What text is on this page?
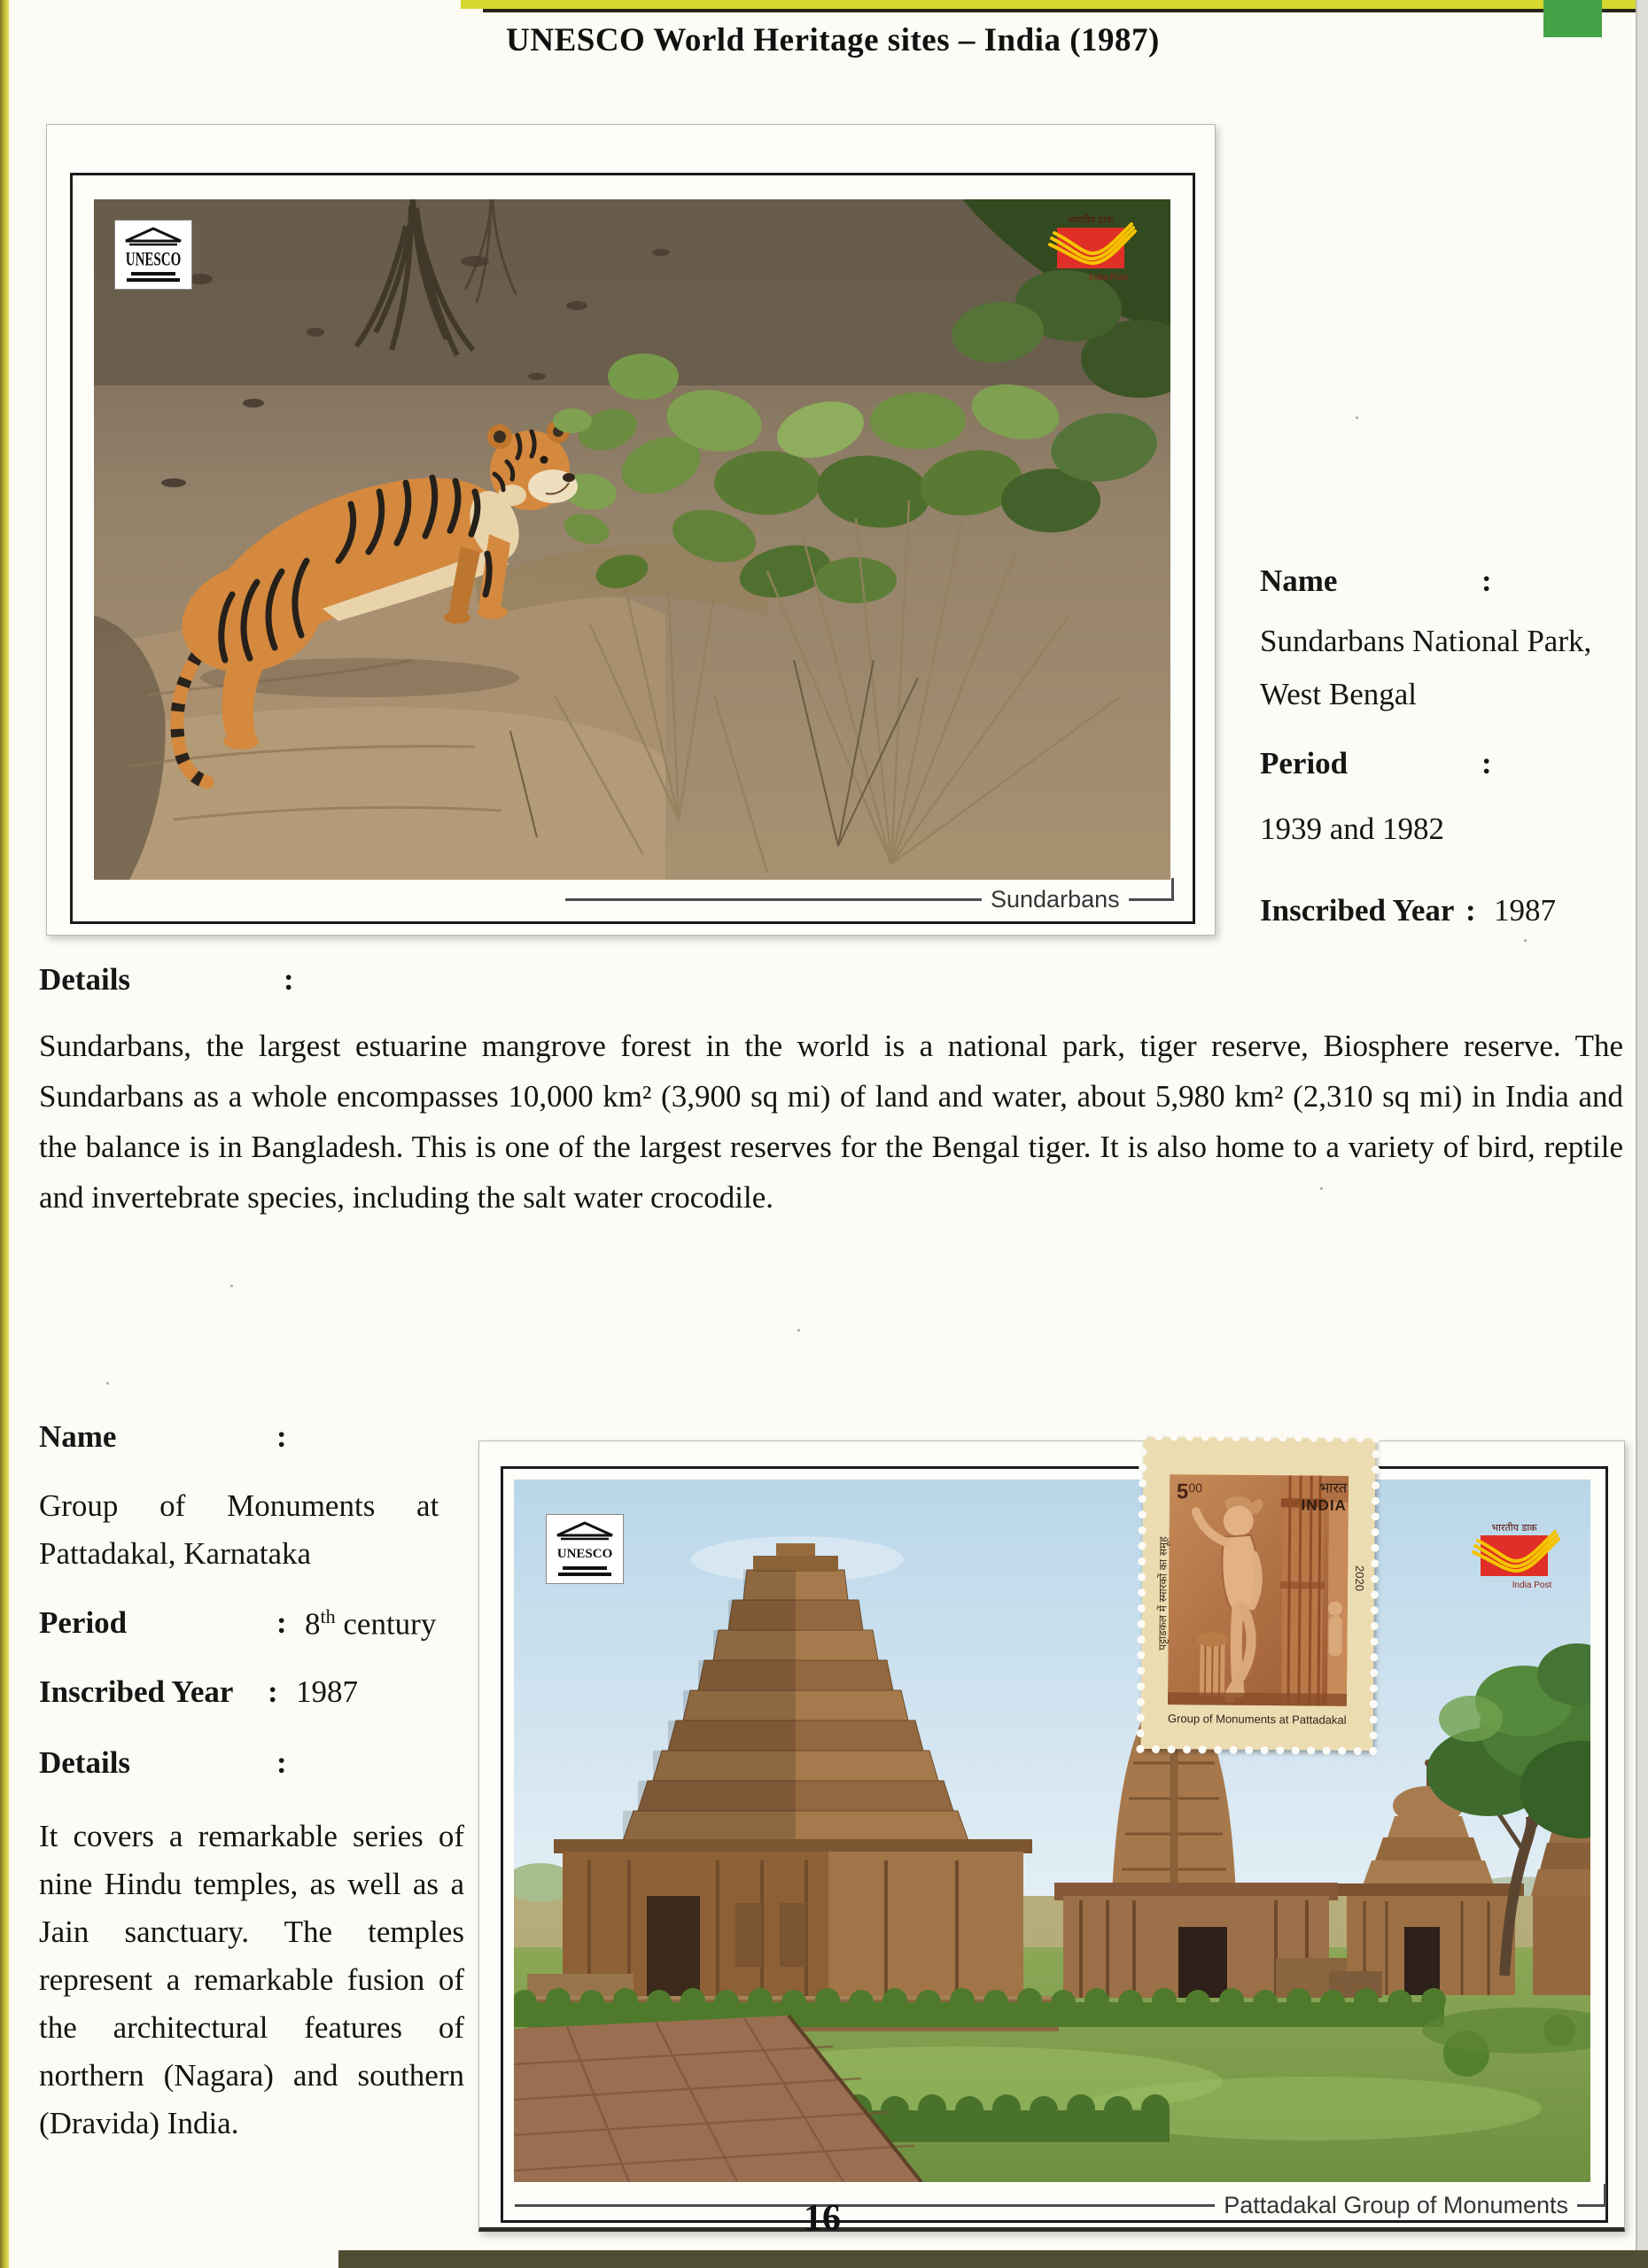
UNESCO World Heritage sites – India (1987)
UNESCO
भारतीय डाक
India Post
Sundarbans
Name	:
Sundarbans National Park,
West Bengal
Period	:
1939 and 1982
Inscribed Year : 1987
Details	:
Sundarbans, the largest estuarine mangrove forest in the world is a national park, tiger reserve, Biosphere reserve. The Sundarbans as a whole encompasses 10,000 km² (3,900 sq mi) of land and water, about 5,980 km² (2,310 sq mi) in India and the balance is in Bangladesh. This is one of the largest reserves for the Bengal tiger. It is also home to a variety of bird, reptile and invertebrate species, including the salt water crocodile.
Name	:
Group of Monuments at
Pattadakal, Karnataka
Period	: 8th century
Inscribed Year : 1987
Details	:
It covers a remarkable series of nine Hindu temples, as well as a Jain sanctuary. The temples represent a remarkable fusion of the architectural features of northern (Nagara) and southern (Dravida) India.
UNESCO
भारतीय डाक
India Post
500	भारत
INDIA
2020
पट्टाडकल में स्मारकों का समूह
Group of Monuments at Pattadakal
Pattadakal Group of Monuments
16
